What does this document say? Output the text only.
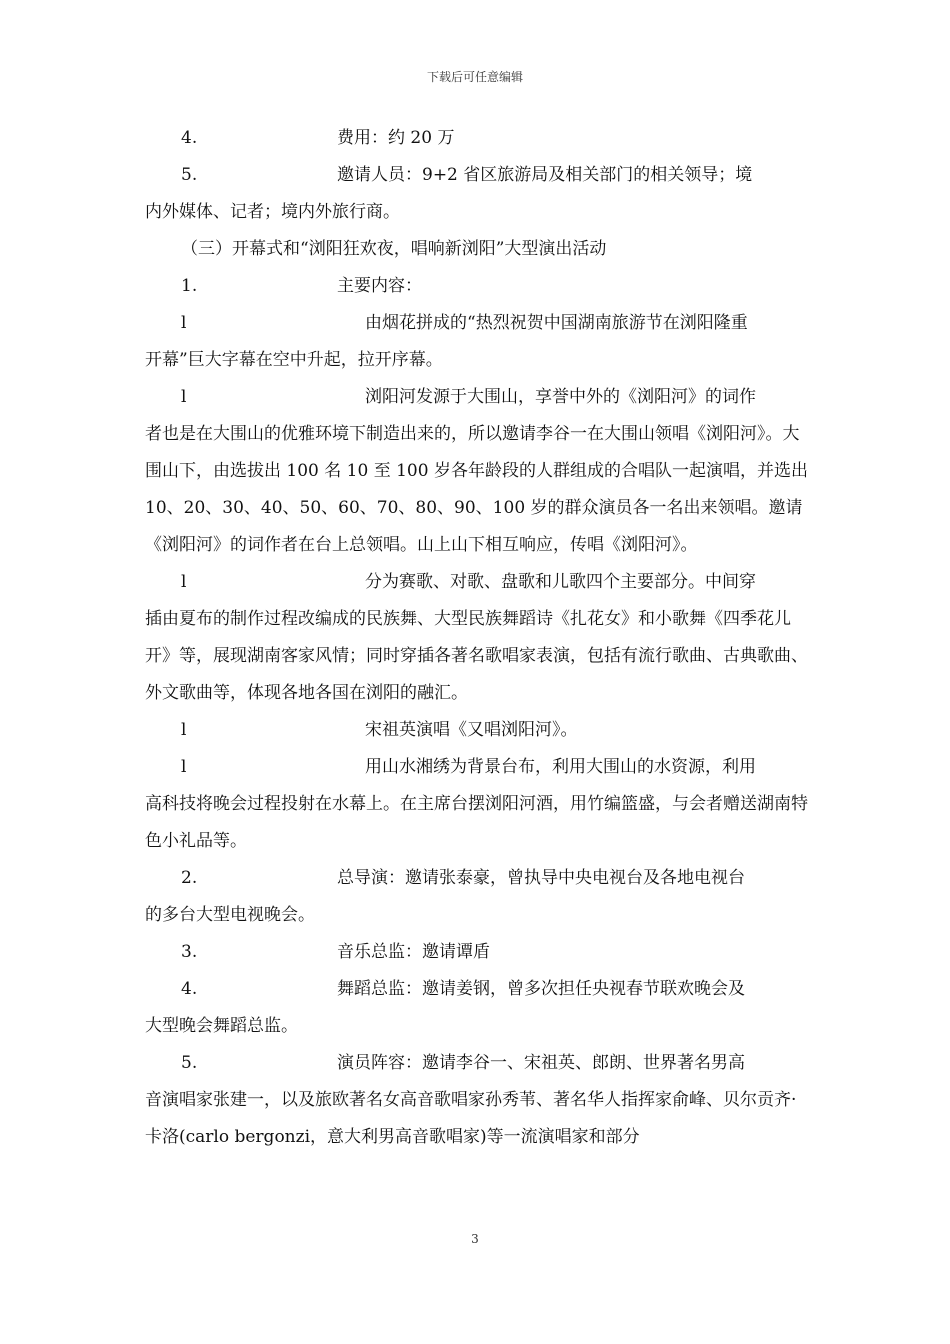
下载后可任意编辑

4.	费用：约 20 万

5.	邀请人员：9+2 省区旅游局及相关部门的相关领导；境
内外媒体、记者；境内外旅行商。

（三）开幕式和“浏阳狂欢夜，唱响新浏阳”大型演出活动

1.	主要内容：

l	由烟花拼成的“热烈祝贺中国湖南旅游节在浏阳隆重
开幕”巨大字幕在空中升起，拉开序幕。

l	浏阳河发源于大围山，享誉中外的《浏阳河》的词作
者也是在大围山的优雅环境下制造出来的，所以邀请李谷一在大围山领唱《浏阳河》。大围山下，由选拔出 100 名 10 至 100 岁各年龄段的人群组成的合唱队一起演唱，并选出 10、20、30、40、50、60、70、80、90、100 岁的群众演员各一名出来领唱。邀请《浏阳河》的词作者在台上总领唱。山上山下相互响应，传唱《浏阳河》。

l	分为赛歌、对歌、盘歌和儿歌四个主要部分。中间穿
插由夏布的制作过程改编成的民族舞、大型民族舞蹈诗《扎花女》和小歌舞《四季花儿开》等，展现湖南客家风情；同时穿插各著名歌唱家表演，包括有流行歌曲、古典歌曲、外文歌曲等，体现各地各国在浏阳的融汇。

l	宋祖英演唱《又唱浏阳河》。

l	用山水湘绣为背景台布，利用大围山的水资源，利用
高科技将晚会过程投射在水幕上。在主席台摆浏阳河酒，用竹编篮盛，与会者赠送湖南特色小礼品等。

2.	总导演：邀请张泰豪，曾执导中央电视台及各地电视台
的多台大型电视晚会。

3.	音乐总监：邀请谭盾

4.	舞蹈总监：邀请姜钢，曾多次担任央视春节联欢晚会及
大型晚会舞蹈总监。

5.	演员阵容：邀请李谷一、宋祖英、郎朗、世界著名男高
音演唱家张建一，以及旅欧著名女高音歌唱家孙秀苇、著名华人指挥家俞峰、贝尔贡齐·卡洛(carlo bergonzi，意大利男高音歌唱家)等一流演唱家和部分

3
